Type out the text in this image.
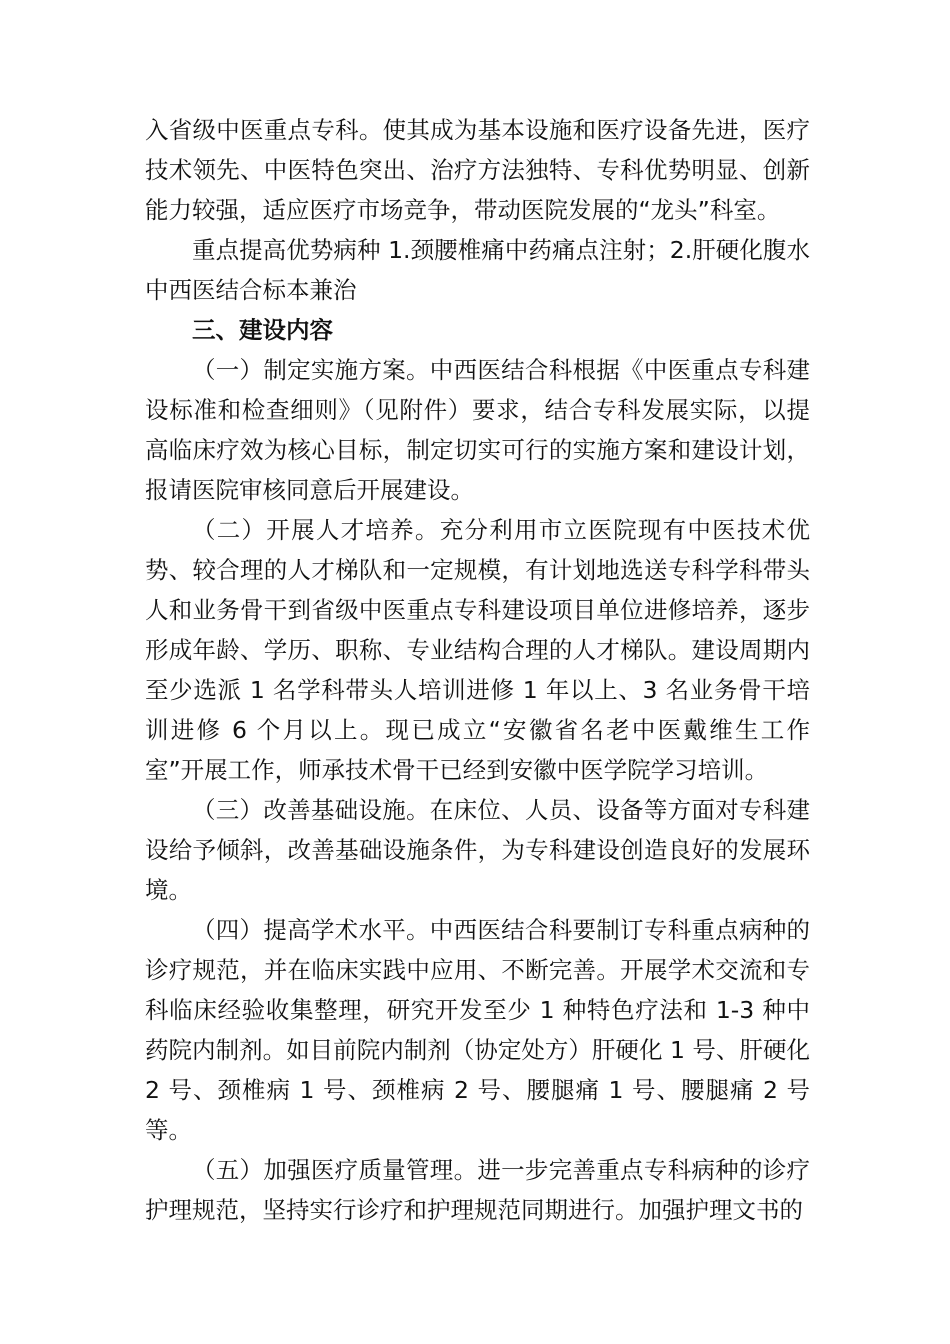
入省级中医重点专科。使其成为基本设施和医疗设备先进，医疗技术领先、中医特色突出、治疗方法独特、专科优势明显、创新能力较强，适应医疗市场竞争，带动医院发展的“龙头”科室。

重点提高优势病种 1.颈腰椎痛中药痛点注射；2.肝硬化腹水中西医结合标本兼治

三、建设内容

（一）制定实施方案。中西医结合科根据《中医重点专科建设标准和检查细则》（见附件）要求，结合专科发展实际，以提高临床疗效为核心目标，制定切实可行的实施方案和建设计划，报请医院审核同意后开展建设。

（二）开展人才培养。充分利用市立医院现有中医技术优势、较合理的人才梯队和一定规模，有计划地选送专科学科带头人和业务骨干到省级中医重点专科建设项目单位进修培养，逐步形成年龄、学历、职称、专业结构合理的人才梯队。建设周期内至少选派 1 名学科带头人培训进修 1 年以上、3 名业务骨干培训进修 6 个月以上。现已成立“安徽省名老中医戴维生工作室”开展工作，师承技术骨干已经到安徽中医学院学习培训。

（三）改善基础设施。在床位、人员、设备等方面对专科建设给予倾斜，改善基础设施条件，为专科建设创造良好的发展环境。

（四）提高学术水平。中西医结合科要制订专科重点病种的诊疗规范，并在临床实践中应用、不断完善。开展学术交流和专科临床经验收集整理，研究开发至少 1 种特色疗法和 1-3 种中药院内制剂。如目前院内制剂（协定处方）肝硬化 1 号、肝硬化 2 号、颈椎病 1 号、颈椎病 2 号、腰腿痛 1 号、腰腿痛 2 号等。

（五）加强医疗质量管理。进一步完善重点专科病种的诊疗护理规范，坚持实行诊疗和护理规范同期进行。加强护理文书的
